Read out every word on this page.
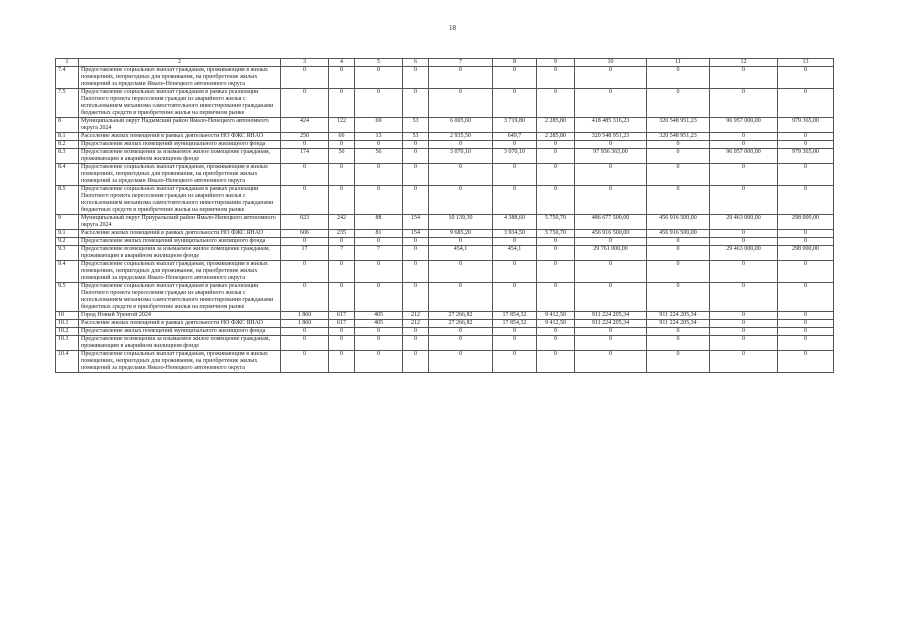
18
1	2	3	4	5	6	7	8	9	10	11	12	13
7.4	Предоставление социальных выплат гражданам, проживающим в жилых помещениях, непригодных для проживания, на приобретение жилых помещений за пределами Ямало-Ненецкого автономного округа	0	0	0	0	0	0	0	0	0	0	0
7.5	Предоставление социальных выплат гражданам в рамках реализации Пилотного проекта переселения граждан из аварийного жилья с использованием механизма самостоятельного инвестирования гражданами бюджетных средств в приобретение жилья на первичном рынке	0	0	0	0	0	0	0	0	0	0	0
8	Муниципальный округ Надымский район Ямало-Ненецкого автономного округа 2024	424	122	69	53	6 005,60	3 719,80	2 285,80	418 485 316,23	320 548 951,23	96 957 000,00	979 365,00
8.1	Расселение жилых помещений в рамках деятельности НО ФЖС ЯНАО	250	66	13	53	2 935,50	649,7	2 285,80	320 548 951,23	320 548 951,23	0	0
8.2	Предоставление жилых помещений муниципального жилищного фонда	0	0	0	0	0	0	0	0	0	0	0
8.3	Предоставление возмещения за изымаемое жилое помещение гражданам, проживающим в аварийном жилищном фонде	174	56	56	0	3 070,10	3 070,10	0	97 936 365,00	0	96 957 000,00	979 365,00
8.4	Предоставление социальных выплат гражданам, проживающим в жилых помещениях, непригодных для проживания, на приобретение жилых помещений за пределами Ямало-Ненецкого автономного округа	0	0	0	0	0	0	0	0	0	0	0
8.5	Предоставление социальных выплат гражданам в рамках реализации Пилотного проекта переселения граждан из аварийного жилья с использованием механизма самостоятельного инвестирования гражданами бюджетных средств в приобретение жилья на первичном рынке	0	0	0	0	0	0	0	0	0	0	0
9	Муниципальный округ Приуральский район Ямало-Ненецкого автономного округа 2024	623	242	88	154	10 139,30	4 388,60	5 750,70	486 677 500,00	456 916 500,00	29 463 000,00	298 000,00
9.1	Расселение жилых помещений в рамках деятельности НО ФЖС ЯНАО	606	235	81	154	9 685,20	3 934,50	5 750,70	456 916 500,00	456 916 500,00	0	0
9.2	Предоставление жилых помещений муниципального жилищного фонда	0	0	0	0	0	0	0	0	0	0	0
9.3	Предоставление возмещения за изымаемое жилое помещение гражданам, проживающим в аварийном жилищном фонде	17	7	7	0	454,1	454,1	0	29 761 000,00	0	29 463 000,00	298 000,00
9.4	Предоставление социальных выплат гражданам, проживающим в жилых помещениях, непригодных для проживания, на приобретение жилых помещений за пределами Ямало-Ненецкого автономного округа	0	0	0	0	0	0	0	0	0	0	0
9.5	Предоставление социальных выплат гражданам в рамках реализации Пилотного проекта переселения граждан из аварийного жилья с использованием механизма самостоятельного инвестирования гражданами бюджетных средств в приобретение жилья на первичном рынке	0	0	0	0	0	0	0	0	0	0	0
10	Город Новый Уренгой 2024	1 860	617	405	212	27 266,82	17 854,32	9 412,50	911 224 205,34	911 224 205,34	0	0
10.1	Расселение жилых помещений в рамках деятельности НО ФЖС ЯНАО	1 860	617	405	212	27 266,82	17 854,32	9 412,50	911 224 205,34	911 224 205,34	0	0
10.2	Предоставление жилых помещений муниципального жилищного фонда	0	0	0	0	0	0	0	0	0	0	0
10.3	Предоставление возмещения за изымаемое жилое помещение гражданам, проживающим в аварийном жилищном фонде	0	0	0	0	0	0	0	0	0	0	0
10.4	Предоставление социальных выплат гражданам, проживающим в жилых помещениях, непригодных для проживания, на приобретение жилых помещений за пределами Ямало-Ненецкого автономного округа	0	0	0	0	0	0	0	0	0	0	0
